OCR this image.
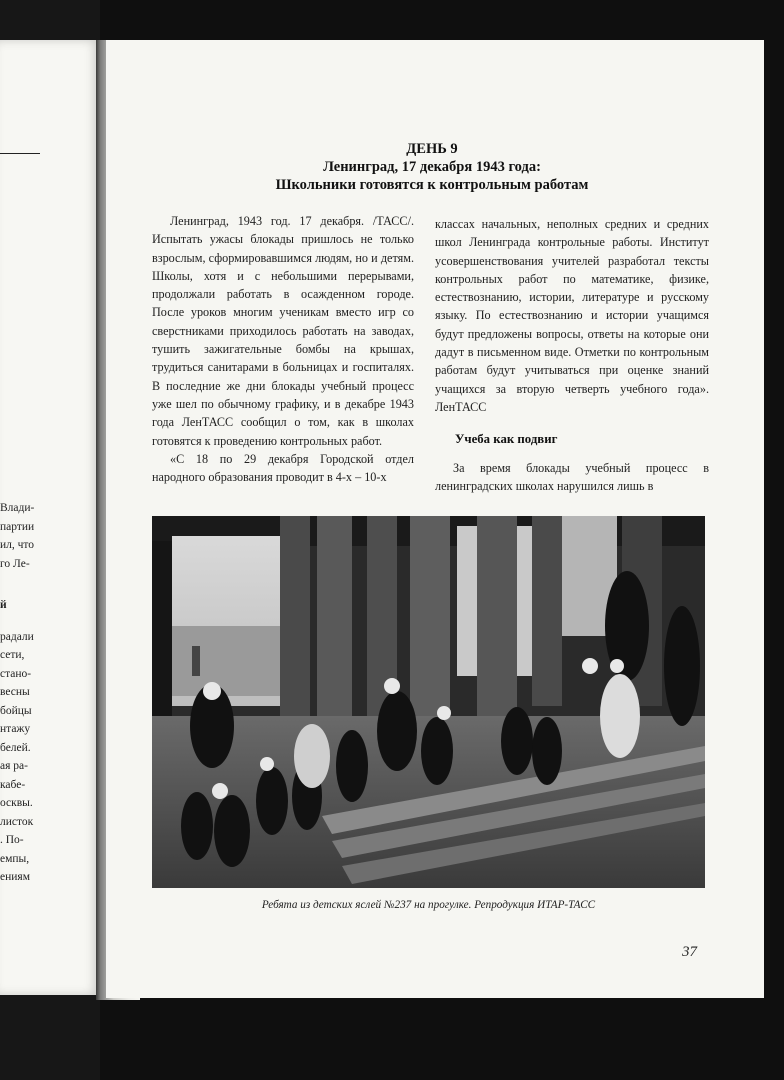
Влади-
партии
ил, что
го Ле-
й
радали
сети,
стано-
весны
бойцы
нтажу
белей.
ая ра-
кабе-
осквы.
листок
. По-
емпы,
ениям
ДЕНЬ 9
Ленинград, 17 декабря 1943 года:
Школьники готовятся к контрольным работам

Ленинград, 1943 год. 17 декабря. /ТАСС/. Испытать ужасы блокады пришлось не только взрослым, сформировавшимся людям, но и детям. Школы, хотя и с небольшими перерывами, продолжали работать в осажденном городе. После уроков многим ученикам вместо игр со сверстниками приходилось работать на заводах, тушить зажигательные бомбы на крышах, трудиться санитарами в больницах и госпиталях. В последние же дни блокады учебный процесс уже шел по обычному графику, и в декабре 1943 года ЛенТАСС сообщил о том, как в школах готовятся к проведению контрольных работ.

«С 18 по 29 декабря Городской отдел народного образования проводит в 4-х – 10-х

классах начальных, неполных средних и средних школ Ленинграда контрольные работы. Институт усовершенствования учителей разработал тексты контрольных работ по математике, физике, естествознанию, истории, литературе и русскому языку. По естествознанию и истории учащимся будут предложены вопросы, ответы на которые они дадут в письменном виде. Отметки по контрольным работам будут учитываться при оценке знаний учащихся за вторую четверть учебного года». ЛенТАСС

Учеба как подвиг

За время блокады учебный процесс в ленинградских школах нарушился лишь в

Ребята из детских яслей №237 на прогулке. Репродукция ИТАР-ТАСС
37
